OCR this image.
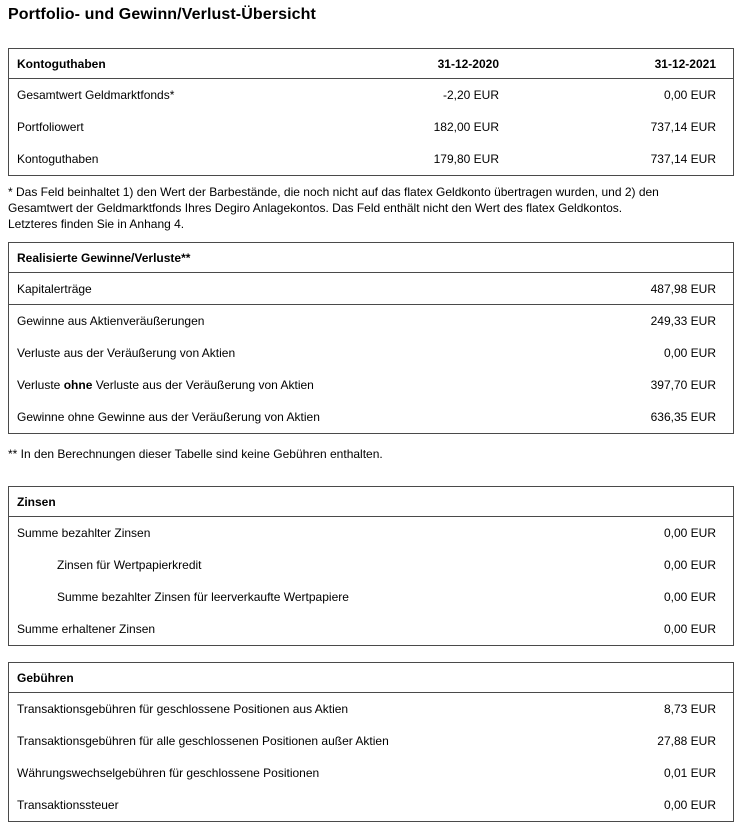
Portfolio- und Gewinn/Verlust-Übersicht
Kontoguthaben	31-12-2020	31-12-2021
Gesamtwert Geldmarktfonds*	-2,20 EUR	0,00 EUR
Portfoliowert	182,00 EUR	737,14 EUR
Kontoguthaben	179,80 EUR	737,14 EUR
* Das Feld beinhaltet 1) den Wert der Barbestände, die noch nicht auf das flatex Geldkonto übertragen wurden, und 2) den
Gesamtwert der Geldmarktfonds Ihres Degiro Anlagekontos. Das Feld enthält nicht den Wert des flatex Geldkontos.
Letzteres finden Sie in Anhang 4.
Realisierte Gewinne/Verluste**
Kapitalerträge	487,98 EUR
Gewinne aus Aktienveräußerungen	249,33 EUR
Verluste aus der Veräußerung von Aktien	0,00 EUR
Verluste ohne Verluste aus der Veräußerung von Aktien	397,70 EUR
Gewinne ohne Gewinne aus der Veräußerung von Aktien	636,35 EUR
** In den Berechnungen dieser Tabelle sind keine Gebühren enthalten.
Zinsen
Summe bezahlter Zinsen	0,00 EUR
Zinsen für Wertpapierkredit	0,00 EUR
Summe bezahlter Zinsen für leerverkaufte Wertpapiere	0,00 EUR
Summe erhaltener Zinsen	0,00 EUR
Gebühren
Transaktionsgebühren für geschlossene Positionen aus Aktien	8,73 EUR
Transaktionsgebühren für alle geschlossenen Positionen außer Aktien	27,88 EUR
Währungswechselgebühren für geschlossene Positionen	0,01 EUR
Transaktionssteuer	0,00 EUR
